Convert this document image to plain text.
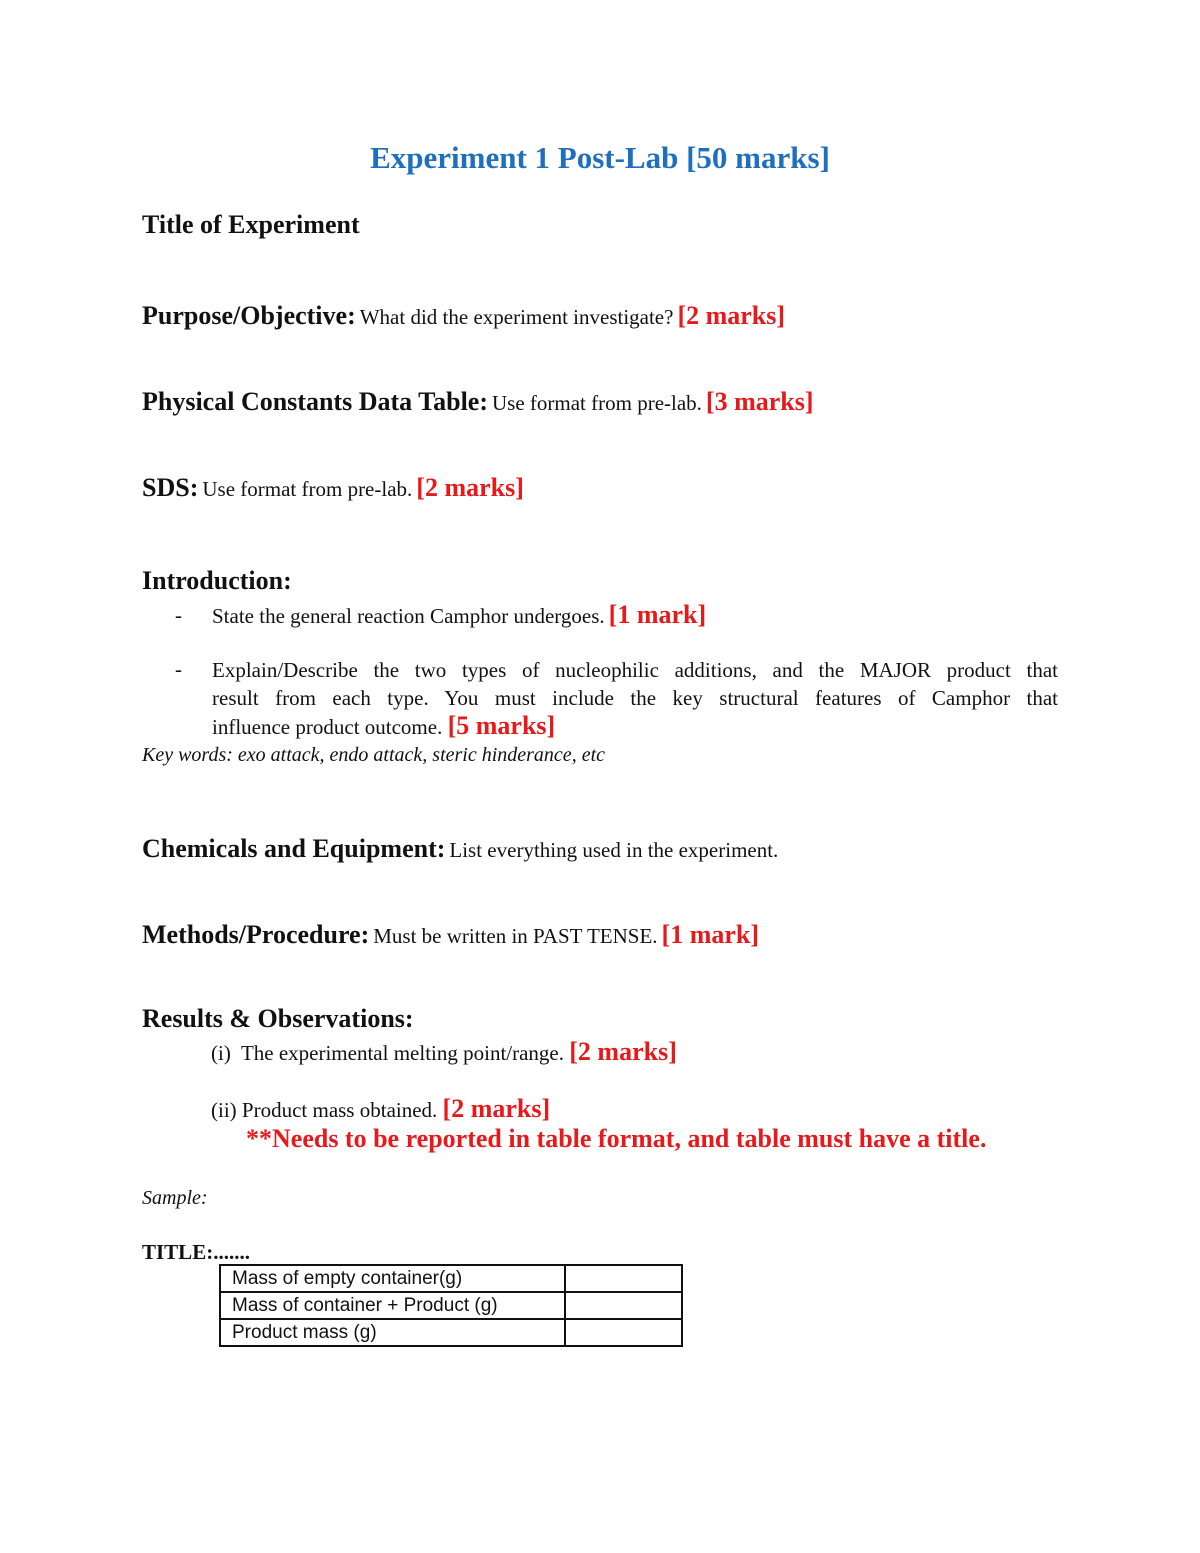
Experiment 1 Post-Lab [50 marks]
Title of Experiment
Purpose/Objective: What did the experiment investigate? [2 marks]
Physical Constants Data Table: Use format from pre-lab. [3 marks]
SDS: Use format from pre-lab. [2 marks]
Introduction:
- State the general reaction Camphor undergoes. [1 mark]
- Explain/Describe the two types of nucleophilic additions, and the MAJOR product that
result from each type. You must include the key structural features of Camphor that
influence product outcome. [5 marks]
Key words: exo attack, endo attack, steric hinderance, etc
Chemicals and Equipment: List everything used in the experiment.
Methods/Procedure: Must be written in PAST TENSE. [1 mark]
Results & Observations:
(i)  The experimental melting point/range. [2 marks]
(ii) Product mass obtained. [2 marks]
**Needs to be reported in table format, and table must have a title.
Sample:
TITLE:.......
Mass of empty container(g)	
Mass of container + Product (g)	
Product mass (g)	
